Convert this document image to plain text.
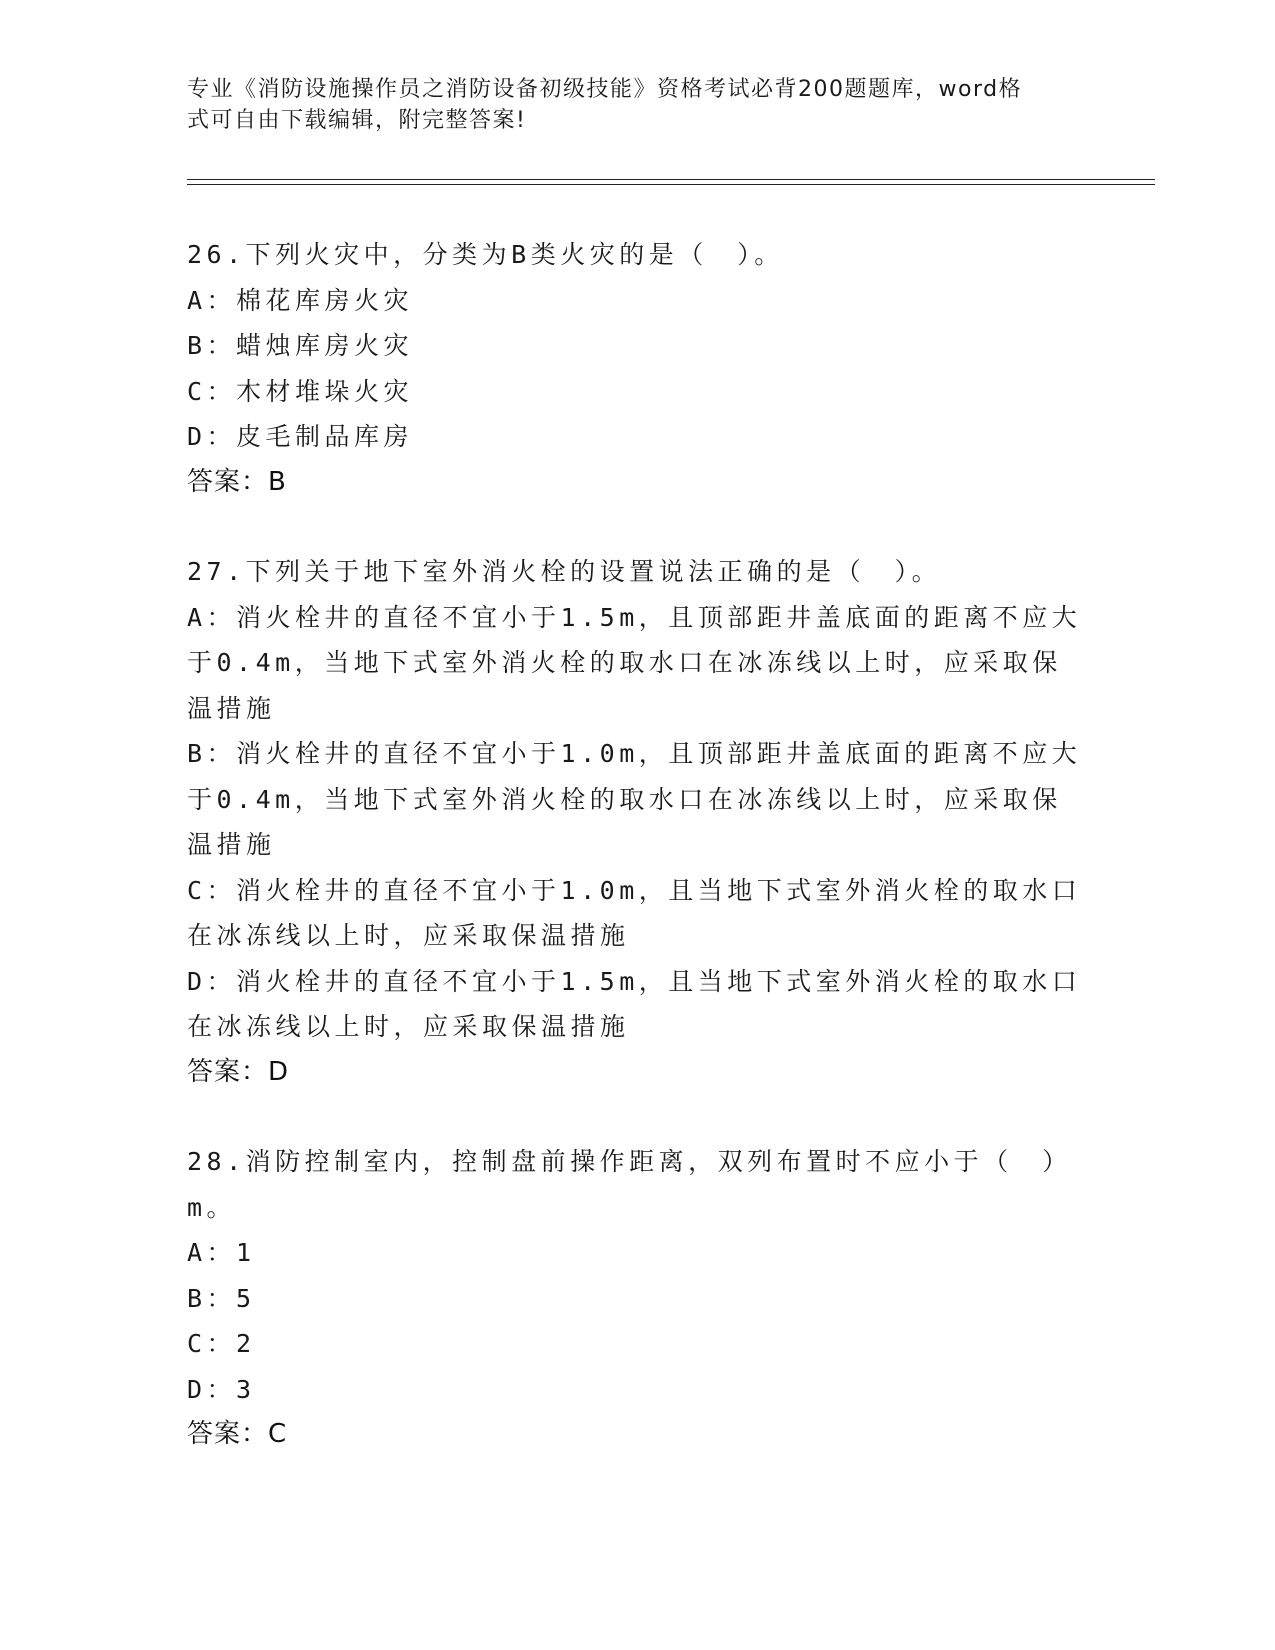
专业《消防设施操作员之消防设备初级技能》资格考试必背200题题库，word格
式可自由下载编辑，附完整答案!
26.下列火灾中，分类为B类火灾的是（　）。
A：棉花库房火灾
B：蜡烛库房火灾
C：木材堆垛火灾
D：皮毛制品库房
答案：B
27.下列关于地下室外消火栓的设置说法正确的是（　）。
A：消火栓井的直径不宜小于1.5m，且顶部距井盖底面的距离不应大于0.4m，当地下式室外消火栓的取水口在冰冻线以上时，应采取保温措施
B：消火栓井的直径不宜小于1.0m，且顶部距井盖底面的距离不应大于0.4m，当地下式室外消火栓的取水口在冰冻线以上时，应采取保温措施
C：消火栓井的直径不宜小于1.0m，且当地下式室外消火栓的取水口在冰冻线以上时，应采取保温措施
D：消火栓井的直径不宜小于1.5m，且当地下式室外消火栓的取水口在冰冻线以上时，应采取保温措施
答案：D
28.消防控制室内，控制盘前操作距离，双列布置时不应小于（　）m。
A：1
B：5
C：2
D：3
答案：C
